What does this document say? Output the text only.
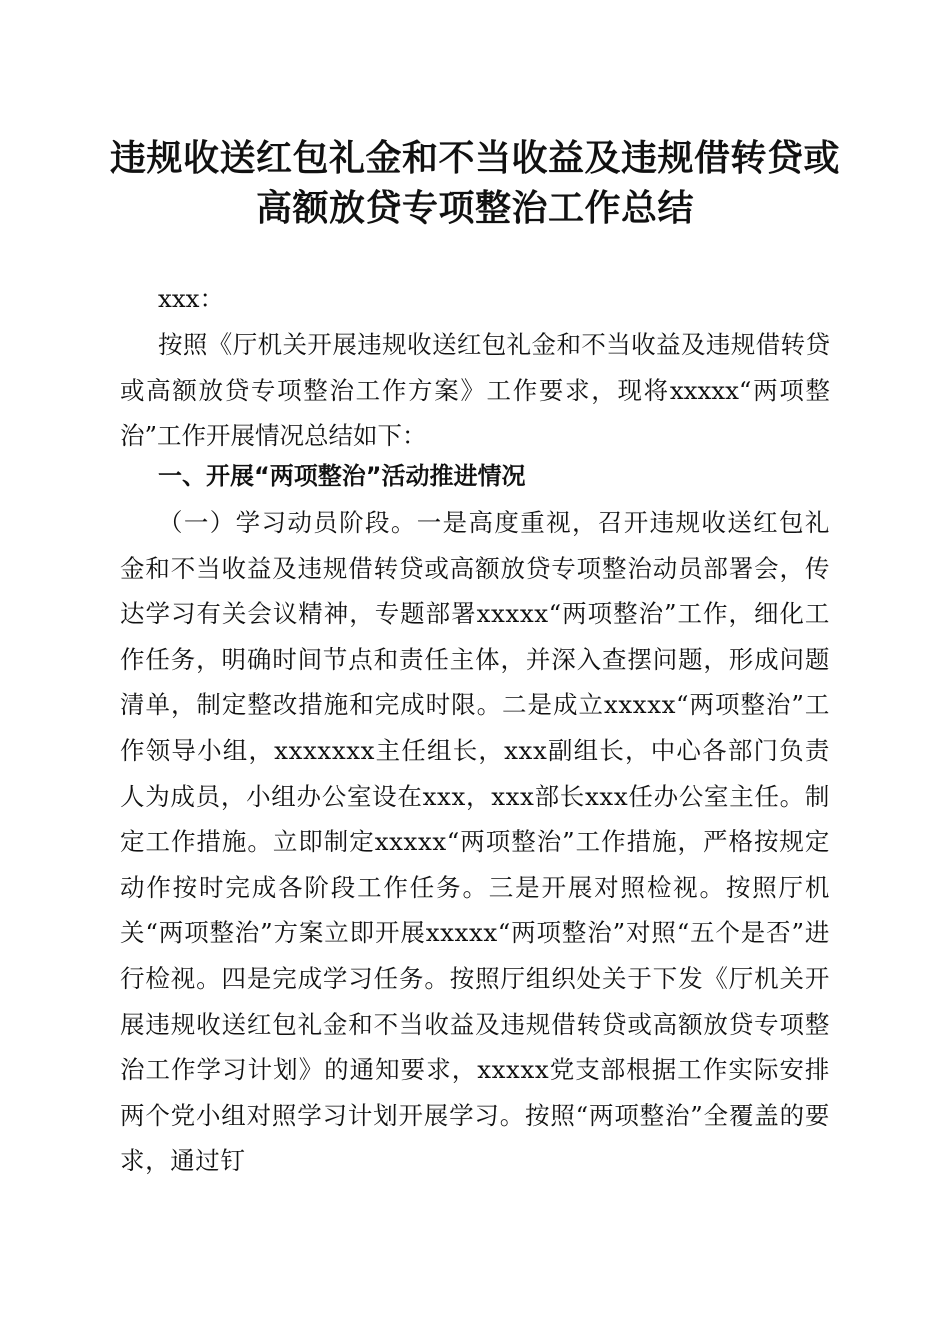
违规收送红包礼金和不当收益及违规借转贷或
高额放贷专项整治工作总结

xxx：

按照《厅机关开展违规收送红包礼金和不当收益及违规借转贷或高额放贷专项整治工作方案》工作要求，现将xxxxx“两项整治”工作开展情况总结如下：

一、开展“两项整治”活动推进情况

（一）学习动员阶段。一是高度重视，召开违规收送红包礼金和不当收益及违规借转贷或高额放贷专项整治动员部署会，传达学习有关会议精神，专题部署xxxxx“两项整治”工作，细化工作任务，明确时间节点和责任主体，并深入查摆问题，形成问题清单，制定整改措施和完成时限。二是成立xxxxx“两项整治”工作领导小组，xxxxxxx主任组长，xxx副组长，中心各部门负责人为成员，小组办公室设在xxx，xxx部长xxx任办公室主任。制定工作措施。立即制定xxxxx“两项整治”工作措施，严格按规定动作按时完成各阶段工作任务。三是开展对照检视。按照厅机关“两项整治”方案立即开展xxxxx“两项整治”对照“五个是否”进行检视。四是完成学习任务。按照厅组织处关于下发《厅机关开展违规收送红包礼金和不当收益及违规借转贷或高额放贷专项整治工作学习计划》的通知要求，xxxxx党支部根据工作实际安排两个党小组对照学习计划开展学习。按照“两项整治”全覆盖的要求，通过钉
